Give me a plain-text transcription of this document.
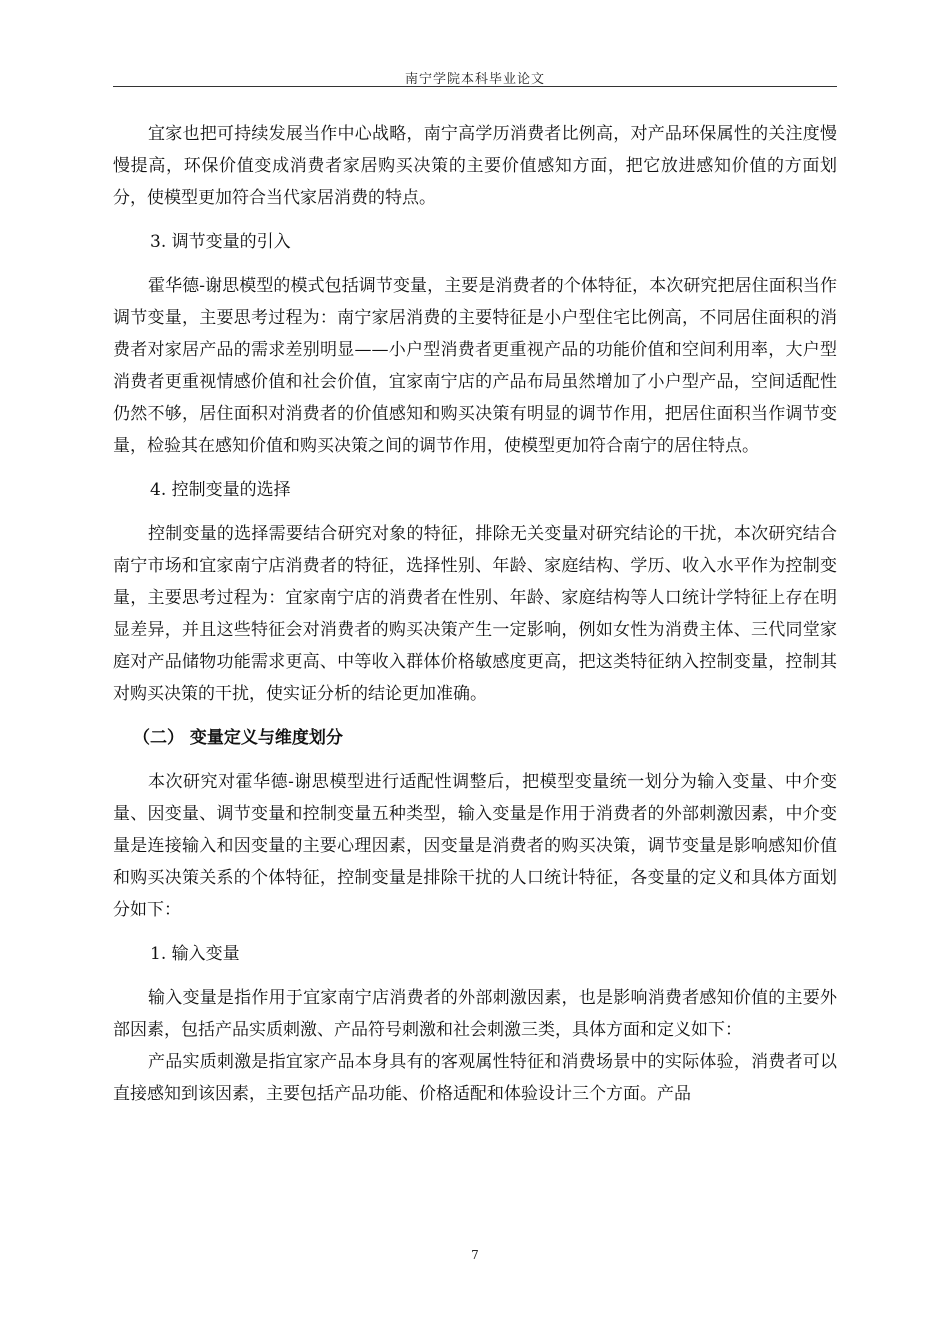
南宁学院本科毕业论文

宜家也把可持续发展当作中心战略，南宁高学历消费者比例高，对产品环保属性的关注度慢慢提高，环保价值变成消费者家居购买决策的主要价值感知方面，把它放进感知价值的方面划分，使模型更加符合当代家居消费的特点。

3. 调节变量的引入

霍华德-谢思模型的模式包括调节变量，主要是消费者的个体特征，本次研究把居住面积当作调节变量，主要思考过程为：南宁家居消费的主要特征是小户型住宅比例高，不同居住面积的消费者对家居产品的需求差别明显——小户型消费者更重视产品的功能价值和空间利用率，大户型消费者更重视情感价值和社会价值，宜家南宁店的产品布局虽然增加了小户型产品，空间适配性仍然不够，居住面积对消费者的价值感知和购买决策有明显的调节作用，把居住面积当作调节变量，检验其在感知价值和购买决策之间的调节作用，使模型更加符合南宁的居住特点。

4. 控制变量的选择

控制变量的选择需要结合研究对象的特征，排除无关变量对研究结论的干扰，本次研究结合南宁市场和宜家南宁店消费者的特征，选择性别、年龄、家庭结构、学历、收入水平作为控制变量，主要思考过程为：宜家南宁店的消费者在性别、年龄、家庭结构等人口统计学特征上存在明显差异，并且这些特征会对消费者的购买决策产生一定影响，例如女性为消费主体、三代同堂家庭对产品储物功能需求更高、中等收入群体价格敏感度更高，把这类特征纳入控制变量，控制其对购买决策的干扰，使实证分析的结论更加准确。

（二） 变量定义与维度划分

本次研究对霍华德-谢思模型进行适配性调整后，把模型变量统一划分为输入变量、中介变量、因变量、调节变量和控制变量五种类型，输入变量是作用于消费者的外部刺激因素，中介变量是连接输入和因变量的主要心理因素，因变量是消费者的购买决策，调节变量是影响感知价值和购买决策关系的个体特征，控制变量是排除干扰的人口统计特征，各变量的定义和具体方面划分如下：

1. 输入变量

输入变量是指作用于宜家南宁店消费者的外部刺激因素，也是影响消费者感知价值的主要外部因素，包括产品实质刺激、产品符号刺激和社会刺激三类，具体方面和定义如下：

产品实质刺激是指宜家产品本身具有的客观属性特征和消费场景中的实际体验，消费者可以直接感知到该因素，主要包括产品功能、价格适配和体验设计三个方面。产品

7
